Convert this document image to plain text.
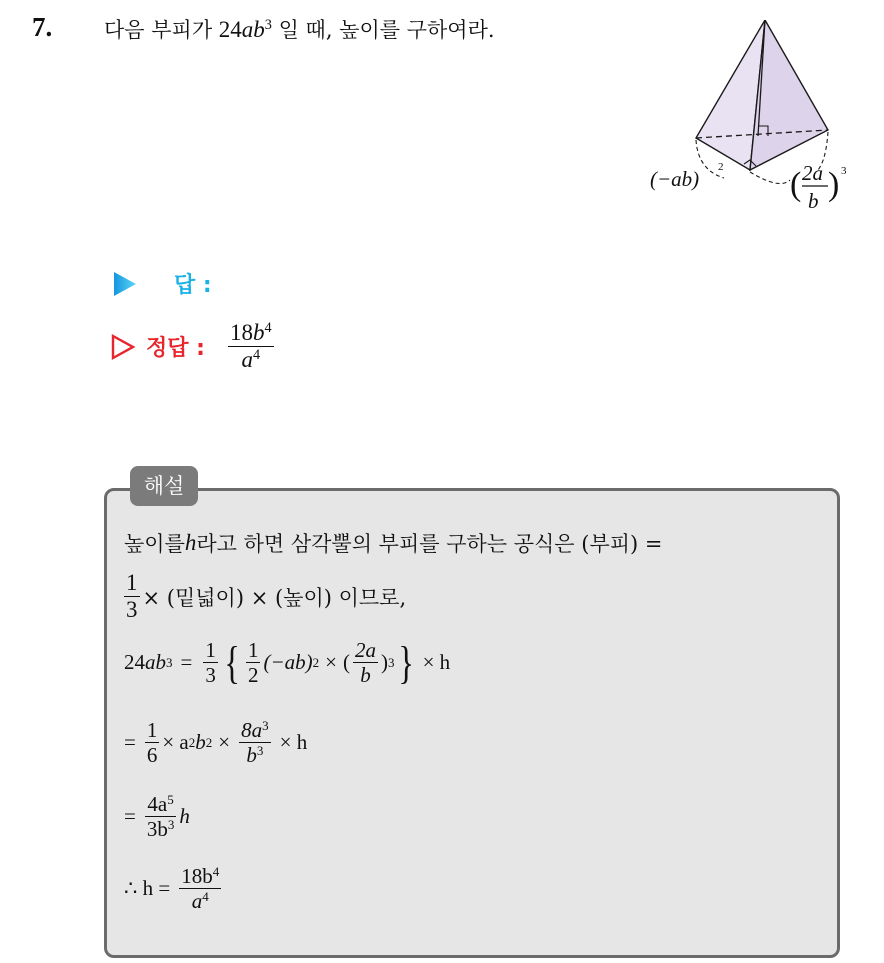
7. 다음 부피가 $24ab^3$ 일 때, 높이를 구하여라.
(−ab) 2 ( 2a
b ) 3
답 :
정답 : $\frac{18b^4}{a^4}$
해설
높이를 h 라고 하면 삼각뿔의 부피를 구하는 공식은 (부피) =
$\frac{1}{3}$ × (밑넓이) × (높이) 이므로,
24 ab $3 = \frac{1}{3}$ { $\frac{1}{2} (-ab) 2$ × ( $\frac{2a}{b}$ ) 3 } × h
= $\frac{1}{6} \times a$ 2 b $2 \times \frac{8a^3}{b^3} \times h$
= $\frac{4a^5}{3b^3}$ h
∴ $h = \frac{18b^4}{a^4}$
